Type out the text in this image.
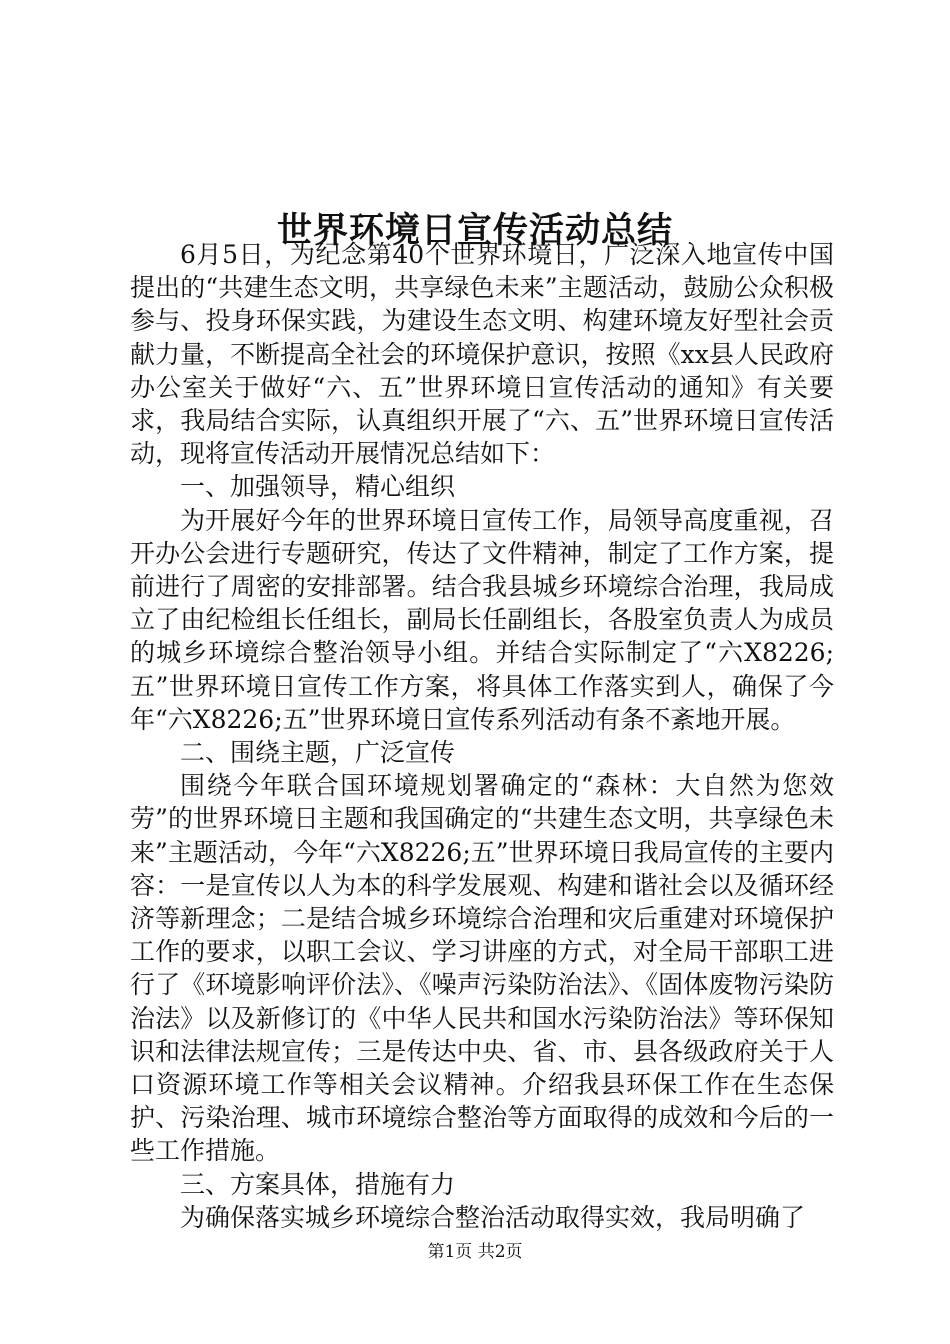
世界环境日宣传活动总结

6月5日，为纪念第40个世界环境日，广泛深入地宣传中国提出的“共建生态文明，共享绿色未来”主题活动，鼓励公众积极参与、投身环保实践，为建设生态文明、构建环境友好型社会贡献力量，不断提高全社会的环境保护意识，按照《xx县人民政府办公室关于做好“六、五”世界环境日宣传活动的通知》有关要求，我局结合实际，认真组织开展了“六、五”世界环境日宣传活动，现将宣传活动开展情况总结如下：

一、加强领导，精心组织

为开展好今年的世界环境日宣传工作，局领导高度重视，召开办公会进行专题研究，传达了文件精神，制定了工作方案，提前进行了周密的安排部署。结合我县城乡环境综合治理，我局成立了由纪检组长任组长，副局长任副组长，各股室负责人为成员的城乡环境综合整治领导小组。并结合实际制定了“六X8226;五”世界环境日宣传工作方案，将具体工作落实到人，确保了今年“六X8226;五”世界环境日宣传系列活动有条不紊地开展。

二、围绕主题，广泛宣传

围绕今年联合国环境规划署确定的“森林：大自然为您效劳”的世界环境日主题和我国确定的“共建生态文明，共享绿色未来”主题活动，今年“六X8226;五”世界环境日我局宣传的主要内容：一是宣传以人为本的科学发展观、构建和谐社会以及循环经济等新理念；二是结合城乡环境综合治理和灾后重建对环境保护工作的要求，以职工会议、学习讲座的方式，对全局干部职工进行了《环境影响评价法》、《噪声污染防治法》、《固体废物污染防治法》以及新修订的《中华人民共和国水污染防治法》等环保知识和法律法规宣传；三是传达中央、省、市、县各级政府关于人口资源环境工作等相关会议精神。介绍我县环保工作在生态保护、污染治理、城市环境综合整治等方面取得的成效和今后的一些工作措施。

三、方案具体，措施有力

为确保落实城乡环境综合整治活动取得实效，我局明确了

第1页 共2页
